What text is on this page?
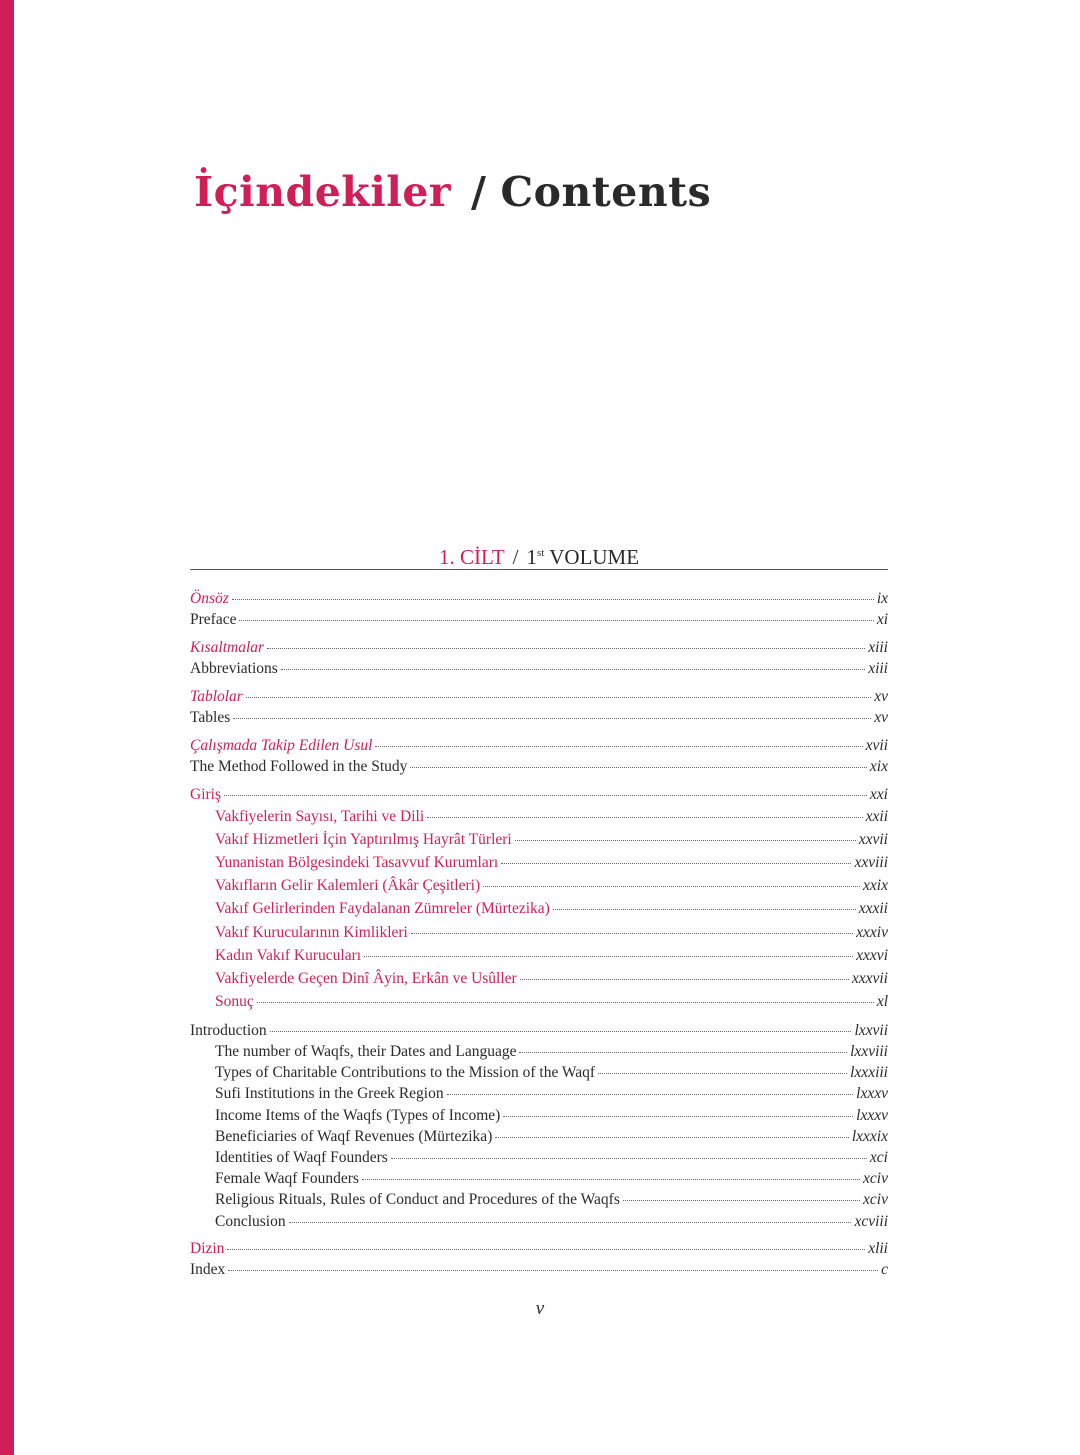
İçindekiler / Contents
1. CİLT / 1st VOLUME
Önsöz	ix
Preface	xi
Kısaltmalar	xiii
Abbreviations	xiii
Tablolar	xv
Tables	xv
Çalışmada Takip Edilen Usul	xvii
The Method Followed in the Study	xix
Giriş	xxi
Vakfiyelerin Sayısı, Tarihi ve Dili	xxii
Vakıf Hizmetleri İçin Yaptırılmış Hayrât Türleri	xxvii
Yunanistan Bölgesindeki Tasavvuf Kurumları	xxviii
Vakıfların Gelir Kalemleri (Âkâr Çeşitleri)	xxix
Vakıf Gelirlerinden Faydalanan Zümreler (Mürtezika)	xxxii
Vakıf Kurucularının Kimlikleri	xxxiv
Kadın Vakıf Kurucuları	xxxvi
Vakfiyelerde Geçen Dinî Âyin, Erkân ve Usûller	xxxvii
Sonuç	xl
Introduction	lxxvii
The number of Waqfs, their Dates and Language	lxxviii
Types of Charitable Contributions to the Mission of the Waqf	lxxxiii
Sufi Institutions in the Greek Region	lxxxv
Income Items of the Waqfs (Types of Income)	lxxxv
Beneficiaries of Waqf Revenues (Mürtezika)	lxxxix
Identities of Waqf Founders	xci
Female Waqf Founders	xciv
Religious Rituals, Rules of Conduct and Procedures of the Waqfs	xciv
Conclusion	xcviii
Dizin	xlii
Index	c
v
